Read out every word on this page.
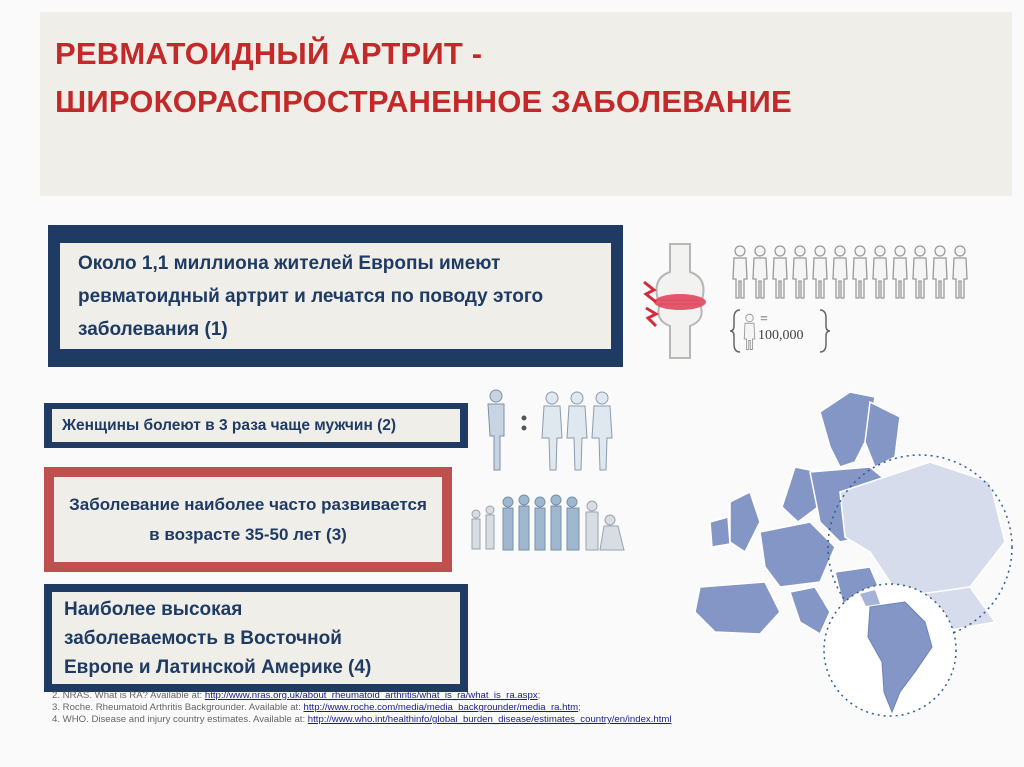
РЕВМАТОИДНЫЙ АРТРИТ -
ШИРОКОРАСПРОСТРАНЕННОЕ ЗАБОЛЕВАНИЕ
Около 1,1 миллиона жителей Европы имеют ревматоидный артрит и лечатся по поводу этого заболевания (1)
Женщины болеют в 3 раза чаще мужчин (2)
Заболевание наиболее часто развивается в возрасте 35-50 лет (3)
Наиболее высокая
заболеваемость в Восточной
Европе и Латинской Америке (4)
=
100,000
2. NRAS. What is RA? Available at: http://www.nras.org.uk/about_rheumatoid_arthritis/what_is_ra/what_is_ra.aspx;
3. Roche. Rheumatoid Arthritis Backgrounder. Available at: http://www.roche.com/media/media_backgrounder/media_ra.htm;
4. WHO. Disease and injury country estimates. Available at: http://www.who.int/healthinfo/global_burden_disease/estimates_country/en/index.html
